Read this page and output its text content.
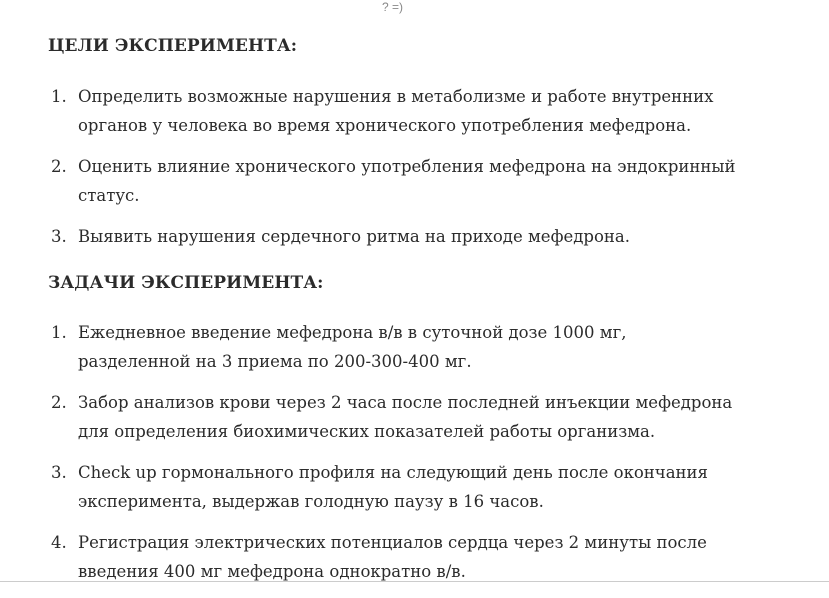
? =)
ЦЕЛИ ЭКСПЕРИМЕНТА:
1. Определить возможные нарушения в метаболизме и работе внутренних органов у человека во время хронического употребления мефедрона.
2. Оценить влияние хронического употребления мефедрона на эндокринный статус.
3. Выявить нарушения сердечного ритма на приходе мефедрона.
ЗАДАЧИ ЭКСПЕРИМЕНТА:
1. Ежедневное введение мефедрона в/в в суточной дозе 1000 мг, разделенной на 3 приема по 200-300-400 мг.
2. Забор анализов крови через 2 часа после последней инъекции мефедрона для определения биохимических показателей работы организма.
3. Check up гормонального профиля на следующий день после окончания эксперимента, выдержав голодную паузу в 16 часов.
4. Регистрация электрических потенциалов сердца через 2 минуты после введения 400 мг мефедрона однократно в/в.
